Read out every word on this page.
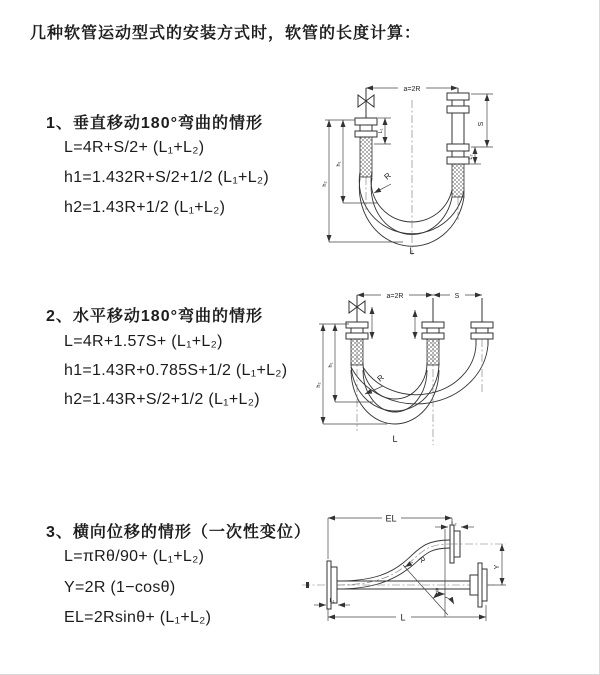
几种软管运动型式的安装方式时，软管的长度计算：
1、垂直移动180°弯曲的情形
L=4R+S/2+ (L₁+L₂)
h1=1.432R+S/2+1/2 (L₁+L₂)
h2=1.43R+1/2 (L₁+L₂)
2、水平移动180°弯曲的情形
L=4R+1.57S+ (L₁+L₂)
h1=1.43R+0.785S+1/2 (L₁+L₂)
h2=1.43R+S/2+1/2 (L₁+L₂)
3、横向位移的情形（一次性变位）
L=πRθ/90+ (L₁+L₂)
Y=2R (1−cosθ)
EL=2Rsinθ+ (L₁+L₂)
a=2R
S
L₂
L₁
h₁
h₂
R
L
a=2R	S
h₁
h₂
R
L
EL
L₂
Y
θ
R
L₁
L
